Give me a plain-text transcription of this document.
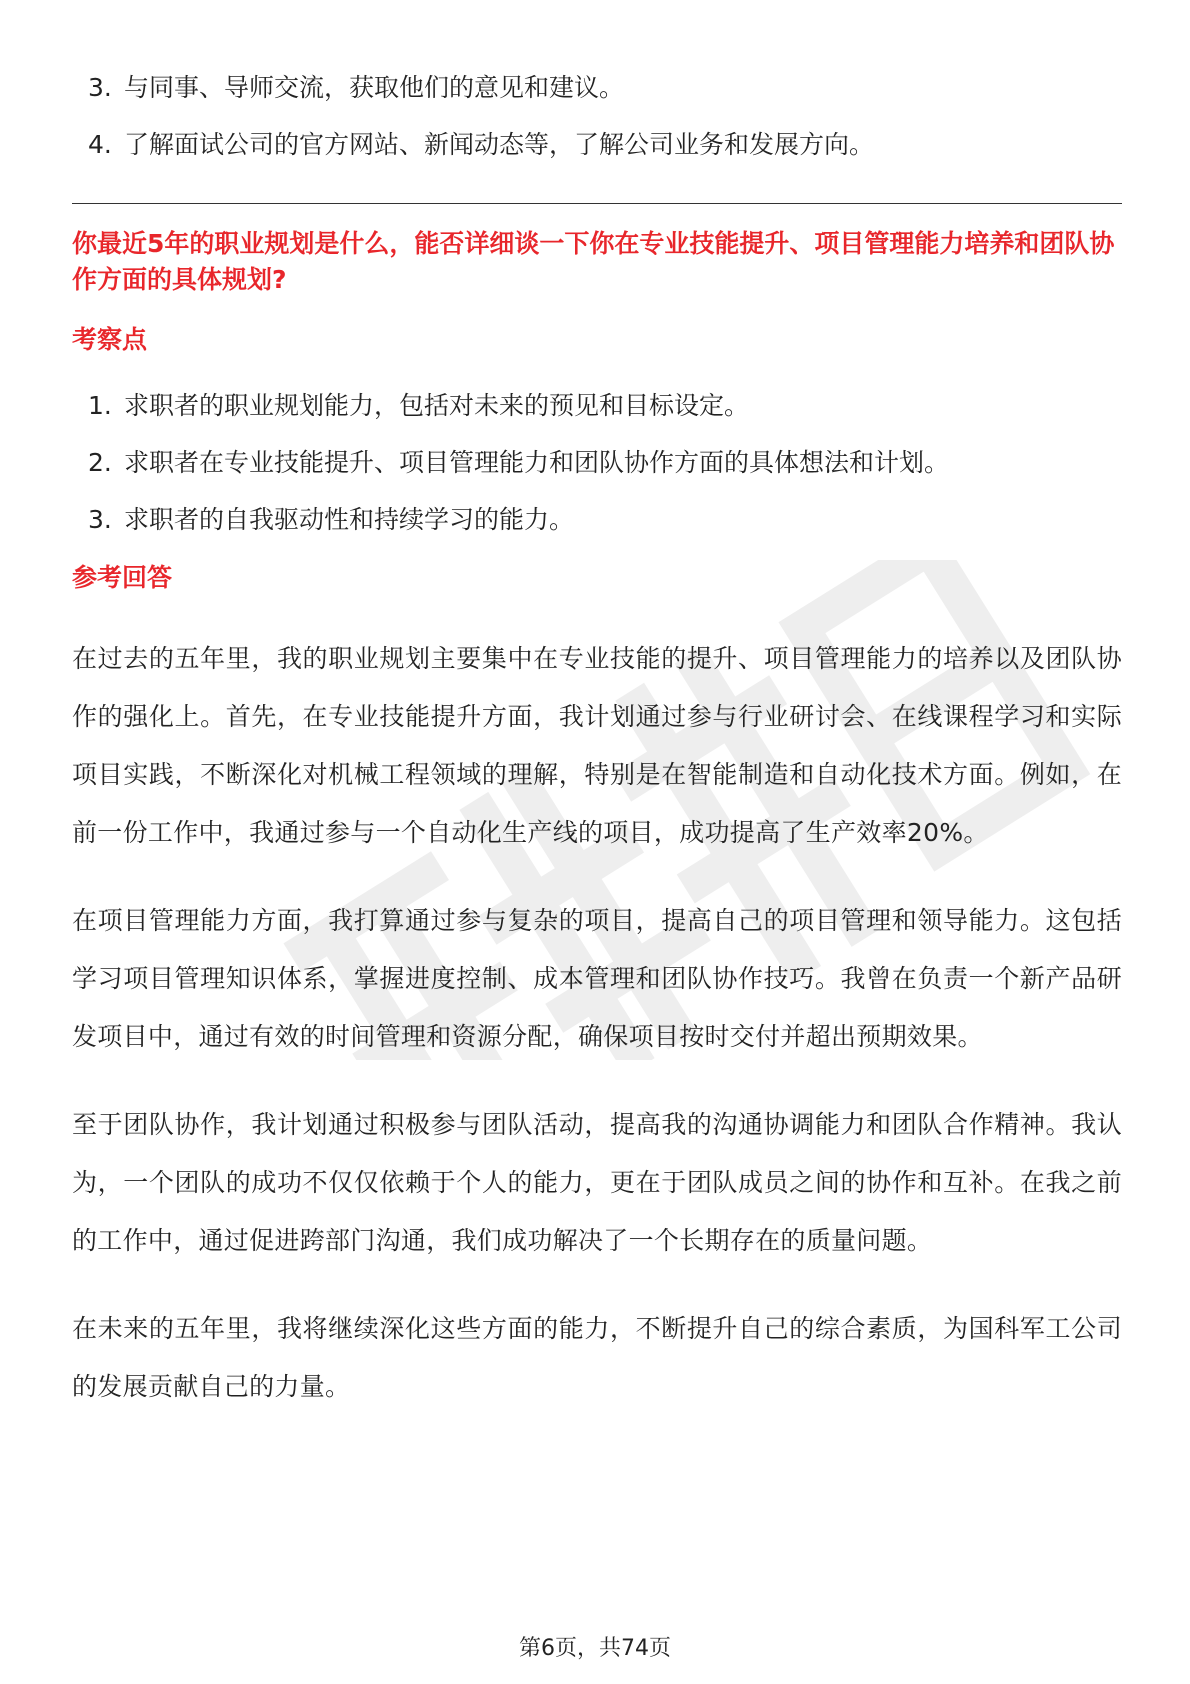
3. 与同事、导师交流，获取他们的意见和建议。
4. 了解面试公司的官方网站、新闻动态等，了解公司业务和发展方向。

你最近5年的职业规划是什么，能否详细谈一下你在专业技能提升、项目管理能力培养和团队协作方面的具体规划?

考察点

1. 求职者的职业规划能力，包括对未来的预见和目标设定。
2. 求职者在专业技能提升、项目管理能力和团队协作方面的具体想法和计划。
3. 求职者的自我驱动性和持续学习的能力。

参考回答

在过去的五年里，我的职业规划主要集中在专业技能的提升、项目管理能力的培养以及团队协作的强化上。首先，在专业技能提升方面，我计划通过参与行业研讨会、在线课程学习和实际项目实践，不断深化对机械工程领域的理解，特别是在智能制造和自动化技术方面。例如，在前一份工作中，我通过参与一个自动化生产线的项目，成功提高了生产效率20%。

在项目管理能力方面，我打算通过参与复杂的项目，提高自己的项目管理和领导能力。这包括学习项目管理知识体系，掌握进度控制、成本管理和团队协作技巧。我曾在负责一个新产品研发项目中，通过有效的时间管理和资源分配，确保项目按时交付并超出预期效果。

至于团队协作，我计划通过积极参与团队活动，提高我的沟通协调能力和团队合作精神。我认为，一个团队的成功不仅仅依赖于个人的能力，更在于团队成员之间的协作和互补。在我之前的工作中，通过促进跨部门沟通，我们成功解决了一个长期存在的质量问题。

在未来的五年里，我将继续深化这些方面的能力，不断提升自己的综合素质，为国科军工公司的发展贡献自己的力量。

第6页，共74页
